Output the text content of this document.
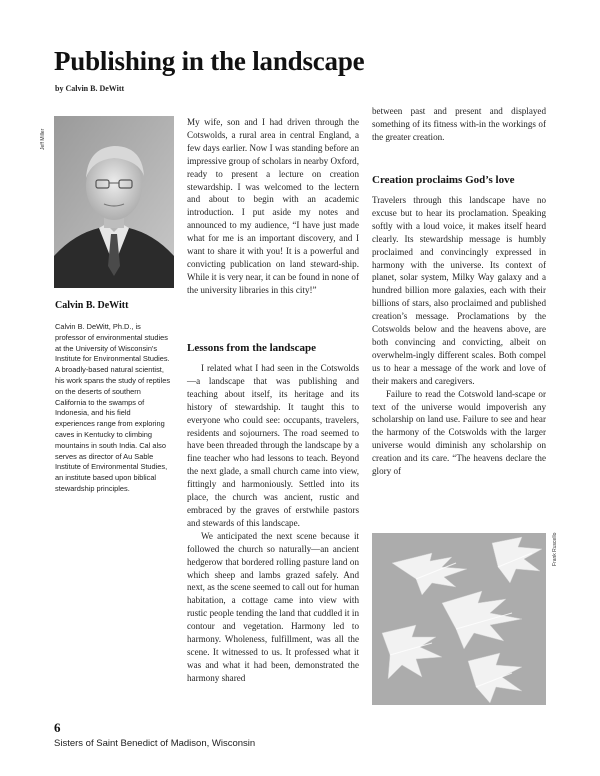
Publishing in the landscape
by Calvin B. DeWitt
Jeff Miller
Calvin B. DeWitt

Calvin B. DeWitt, Ph.D., is professor of environmental studies at the University of Wisconsin's Institute for Environmental Studies. A broadly-based natural scientist, his work spans the study of reptiles on the deserts of southern California to the swamps of Indonesia, and his field experiences range from exploring caves in Kentucky to climbing mountains in south India. Cal also serves as director of Au Sable Institute of Environmental Studies, an institute based upon biblical stewardship principles.

My wife, son and I had driven through the Cotswolds, a rural area in central England, a few days earlier. Now I was standing before an impressive group of scholars in nearby Oxford, ready to present a lecture on creation stewardship. I was welcomed to the lectern and about to begin with an academic introduction. I put aside my notes and announced to my audience, “I have just made what for me is an important discovery, and I want to share it with you! It is a powerful and convicting publication on land steward-ship. While it is very near, it can be found in none of the university libraries in this city!”

Lessons from the landscape

I related what I had seen in the Cotswolds—a landscape that was publishing and teaching about itself, its heritage and its history of stewardship. It taught this to everyone who could see: occupants, travelers, residents and sojourners. The road seemed to have been threaded through the landscape by a fine teacher who had lessons to teach. Beyond the next glade, a small church came into view, fittingly and harmoniously. Settled into its place, the church was ancient, rustic and embraced by the graves of erstwhile pastors and stewards of this landscape.

We anticipated the next scene because it followed the church so naturally—an ancient hedgerow that bordered rolling pasture land on which sheep and lambs grazed safely. And next, as the scene seemed to call out for human habitation, a cottage came into view with rustic people tending the land that cuddled it in contour and vegetation. Harmony led to harmony. Wholeness, fulfillment, was all the scene. It witnessed to us. It professed what it was and what it had been, demonstrated the harmony shared

between past and present and displayed something of its fitness with-in the workings of the greater creation.

Creation proclaims God’s love

Travelers through this landscape have no excuse but to hear its proclamation. Speaking softly with a loud voice, it makes itself heard clearly. Its stewardship message is humbly proclaimed and convincingly expressed in harmony with the universe. Its context of planet, solar system, Milky Way galaxy and a hundred billion more galaxies, each with their billions of stars, also proclaimed and published creation’s message. Proclamations by the Cotswolds below and the heavens above, are both convincing and convicting, albeit on overwhelm-ingly different scales. Both compel us to hear a message of the work and love of their makers and caregivers.

Failure to read the Cotswold land-scape or text of the universe would impoverish any scholarship on land use. Failure to see and hear the harmony of the Cotswolds with the larger universe would diminish any scholarship on creation and its care. “The heavens declare the glory of

Frank Ruscello
6
Sisters of Saint Benedict of Madison, Wisconsin
